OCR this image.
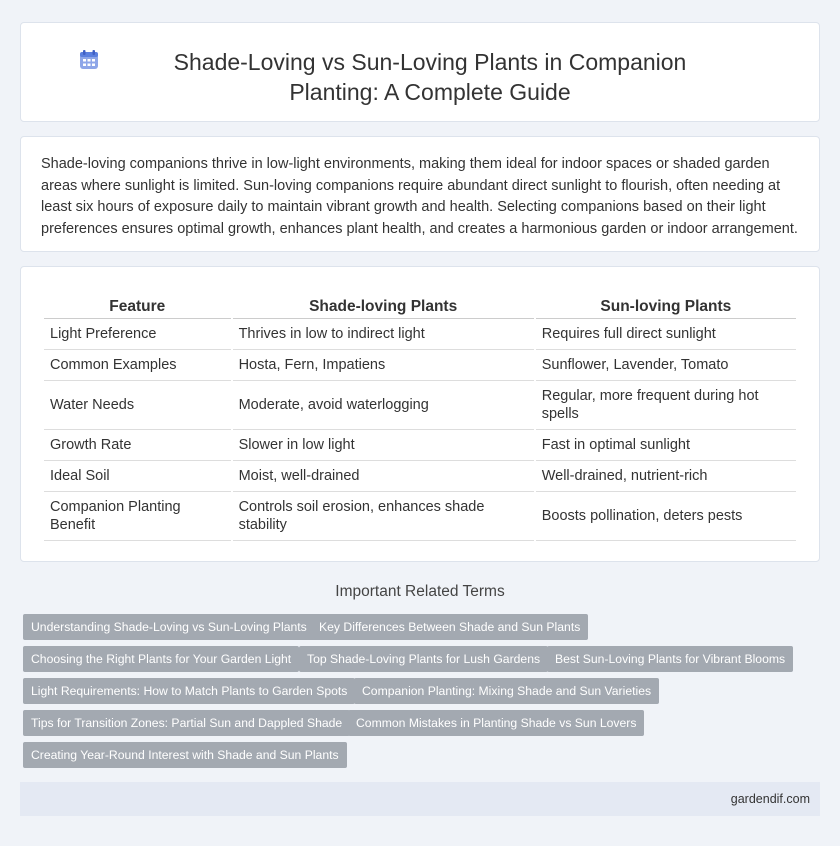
Shade-Loving vs Sun-Loving Plants in Companion Planting: A Complete Guide

Shade-loving companions thrive in low-light environments, making them ideal for indoor spaces or shaded garden areas where sunlight is limited. Sun-loving companions require abundant direct sunlight to flourish, often needing at least six hours of exposure daily to maintain vibrant growth and health. Selecting companions based on their light preferences ensures optimal growth, enhances plant health, and creates a harmonious garden or indoor arrangement.

Feature	Shade-loving Plants	Sun-loving Plants
Light Preference	Thrives in low to indirect light	Requires full direct sunlight
Common Examples	Hosta, Fern, Impatiens	Sunflower, Lavender, Tomato
Water Needs	Moderate, avoid waterlogging	Regular, more frequent during hot spells
Growth Rate	Slower in low light	Fast in optimal sunlight
Ideal Soil	Moist, well-drained	Well-drained, nutrient-rich
Companion Planting Benefit	Controls soil erosion, enhances shade stability	Boosts pollination, deters pests
Important Related Terms
Understanding Shade-Loving vs Sun-Loving Plants	Key Differences Between Shade and Sun Plants
Choosing the Right Plants for Your Garden Light	Top Shade-Loving Plants for Lush Gardens	Best Sun-Loving Plants for Vibrant Blooms
Light Requirements: How to Match Plants to Garden Spots	Companion Planting: Mixing Shade and Sun Varieties
Tips for Transition Zones: Partial Sun and Dappled Shade	Common Mistakes in Planting Shade vs Sun Lovers
Creating Year-Round Interest with Shade and Sun Plants
gardendif.com
